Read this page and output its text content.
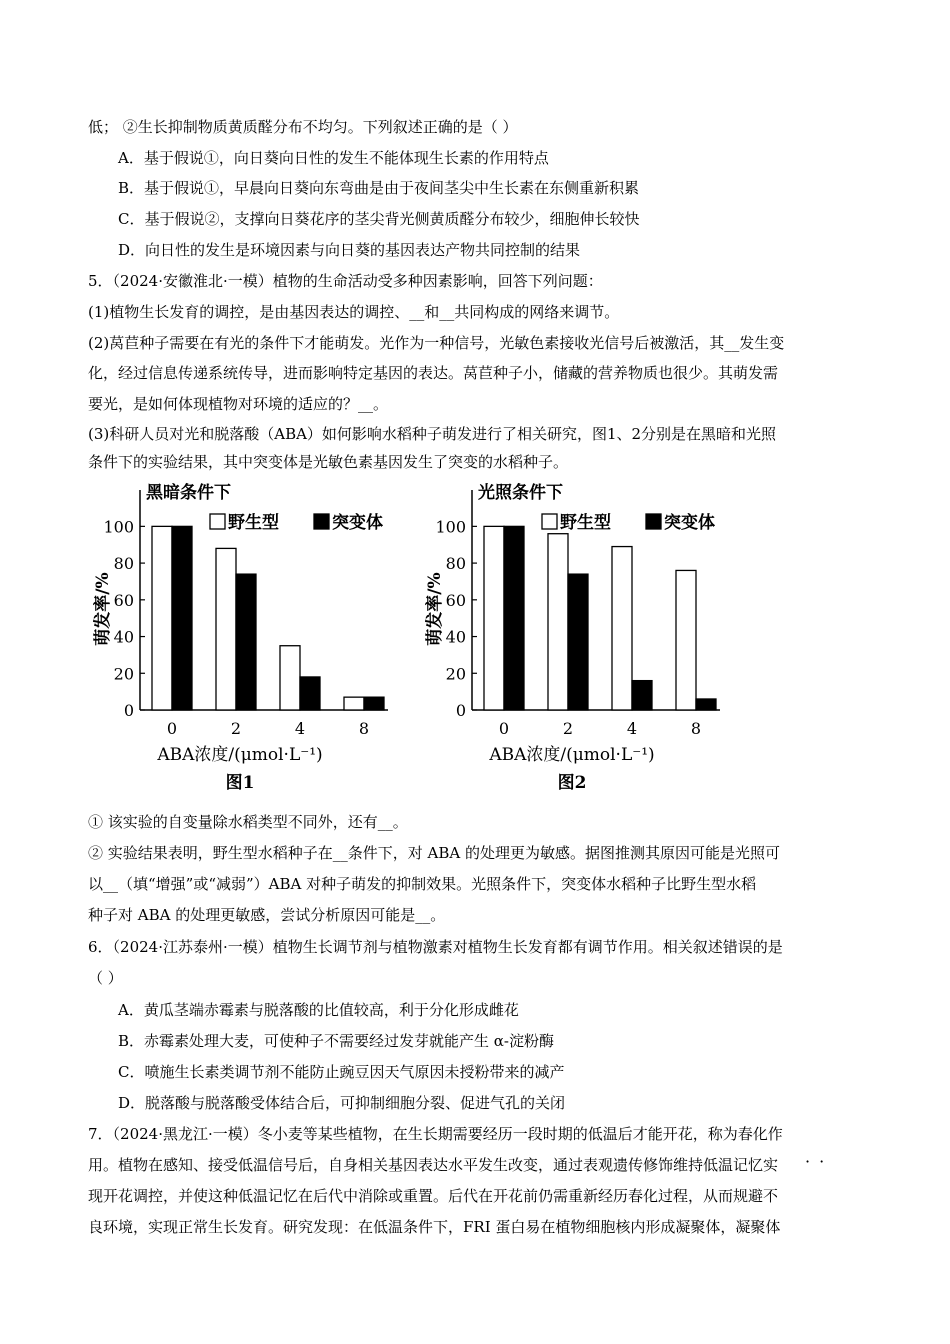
低； ②生长抑制物质黄质醛分布不均匀。下列叙述正确的是（ ）
A．基于假说①，向日葵向日性的发生不能体现生长素的作用特点
B．基于假说①，早晨向日葵向东弯曲是由于夜间茎尖中生长素在东侧重新积累
C．基于假说②，支撑向日葵花序的茎尖背光侧黄质醛分布较少，细胞伸长较快
D．向日性的发生是环境因素与向日葵的基因表达产物共同控制的结果
5．（2024·安徽淮北·一模）植物的生命活动受多种因素影响，回答下列问题：
(1)植物生长发育的调控，是由基因表达的调控、__和__共同构成的网络来调节。
(2)莴苣种子需要在有光的条件下才能萌发。光作为一种信号，光敏色素接收光信号后被激活，其__发生变
化，经过信息传递系统传导，进而影响特定基因的表达。莴苣种子小，储藏的营养物质也很少。其萌发需
要光，是如何体现植物对环境的适应的？__。
(3)科研人员对光和脱落酸（ABA）如何影响水稻种子萌发进行了相关研究，图1、2分别是在黑暗和光照
条件下的实验结果，其中突变体是光敏色素基因发生了突变的水稻种子。
黑暗条件下
0
20
40
60
80
100
萌发率/%
0	2	4	8
野生型	突变体
ABA浓度/(μmol·L⁻¹)
图1
光照条件下
0
20
40
60
80
100
萌发率/%
0	2	4	8
野生型	突变体
ABA浓度/(μmol·L⁻¹)
图2
① 该实验的自变量除水稻类型不同外，还有__。
② 实验结果表明，野生型水稻种子在__条件下，对 ABA 的处理更为敏感。据图推测其原因可能是光照可
以__（填“增强”或“减弱”）ABA 对种子萌发的抑制效果。光照条件下，突变体水稻种子比野生型水稻
种子对 ABA 的处理更敏感，尝试分析原因可能是__。
··
6．（2024·江苏泰州·一模）植物生长调节剂与植物激素对植物生长发育都有调节作用。相关叙述错误的是
（ ）
A．黄瓜茎端赤霉素与脱落酸的比值较高，利于分化形成雌花
B．赤霉素处理大麦，可使种子不需要经过发芽就能产生 α-淀粉酶
C．喷施生长素类调节剂不能防止豌豆因天气原因未授粉带来的减产
D．脱落酸与脱落酸受体结合后，可抑制细胞分裂、促进气孔的关闭
7．（2024·黑龙江·一模）冬小麦等某些植物，在生长期需要经历一段时期的低温后才能开花，称为春化作
用。植物在感知、接受低温信号后，自身相关基因表达水平发生改变，通过表观遗传修饰维持低温记忆实
现开花调控，并使这种低温记忆在后代中消除或重置。后代在开花前仍需重新经历春化过程，从而规避不
良环境，实现正常生长发育。研究发现：在低温条件下，FRI 蛋白易在植物细胞核内形成凝聚体，凝聚体
